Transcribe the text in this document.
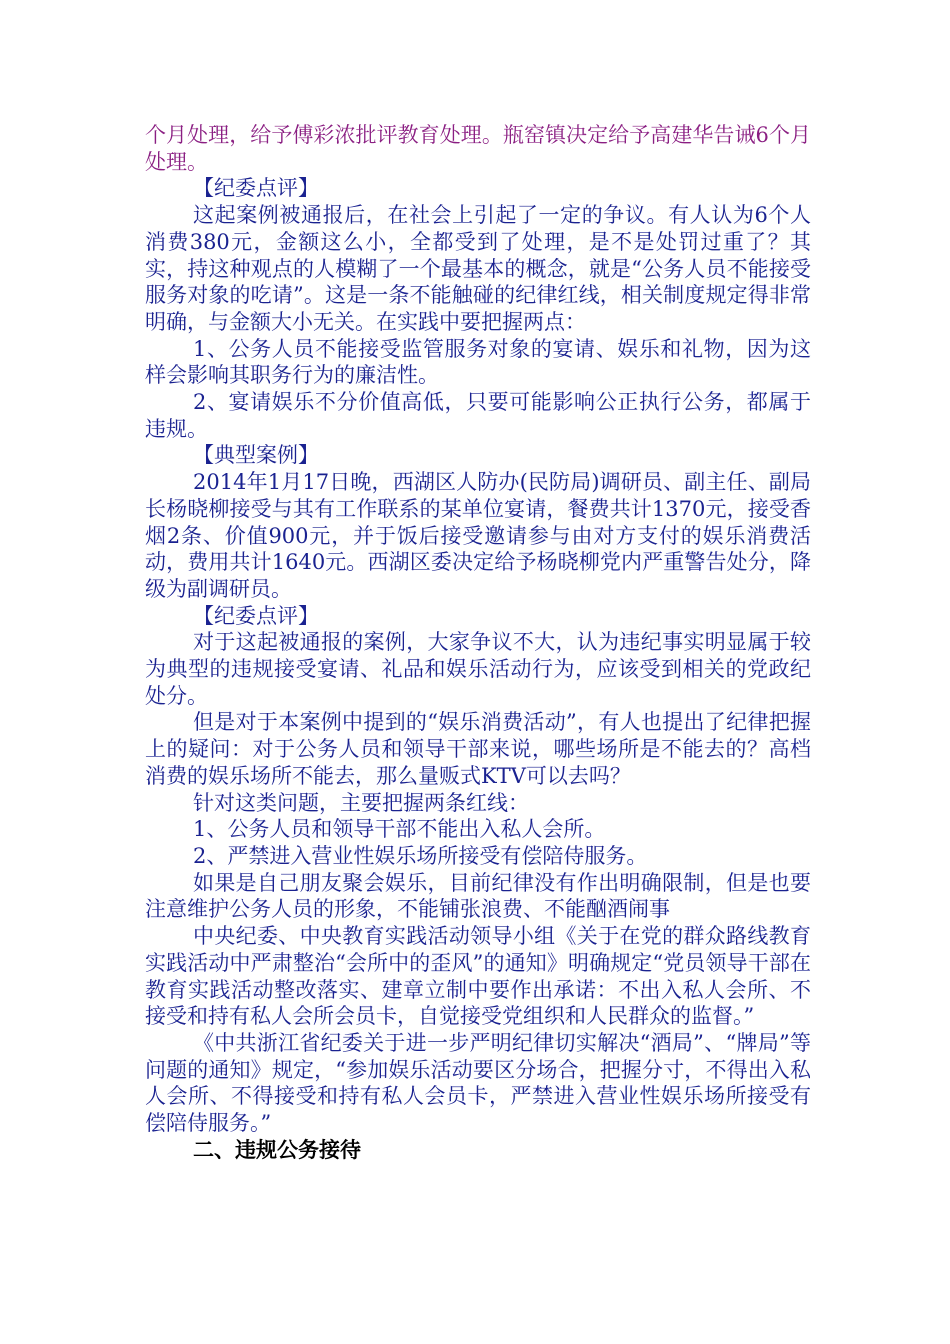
个月处理，给予傅彩浓批评教育处理。瓶窑镇决定给予高建华告诫6个月处理。

【纪委点评】

这起案例被通报后，在社会上引起了一定的争议。有人认为6个人消费380元，金额这么小，全都受到了处理，是不是处罚过重了？其实，持这种观点的人模糊了一个最基本的概念，就是“公务人员不能接受服务对象的吃请”。这是一条不能触碰的纪律红线，相关制度规定得非常明确，与金额大小无关。在实践中要把握两点：

1、公务人员不能接受监管服务对象的宴请、娱乐和礼物，因为这样会影响其职务行为的廉洁性。

2、宴请娱乐不分价值高低，只要可能影响公正执行公务，都属于违规。

【典型案例】

2014年1月17日晚，西湖区人防办(民防局)调研员、副主任、副局长杨晓柳接受与其有工作联系的某单位宴请，餐费共计1370元，接受香烟2条、价值900元，并于饭后接受邀请参与由对方支付的娱乐消费活动，费用共计1640元。西湖区委决定给予杨晓柳党内严重警告处分，降级为副调研员。

【纪委点评】

对于这起被通报的案例，大家争议不大，认为违纪事实明显属于较为典型的违规接受宴请、礼品和娱乐活动行为，应该受到相关的党政纪处分。

但是对于本案例中提到的“娱乐消费活动”，有人也提出了纪律把握上的疑问：对于公务人员和领导干部来说，哪些场所是不能去的？高档消费的娱乐场所不能去，那么量贩式KTV可以去吗？

针对这类问题，主要把握两条红线：

1、公务人员和领导干部不能出入私人会所。

2、严禁进入营业性娱乐场所接受有偿陪侍服务。

如果是自己朋友聚会娱乐，目前纪律没有作出明确限制，但是也要注意维护公务人员的形象，不能铺张浪费、不能酗酒闹事

中央纪委、中央教育实践活动领导小组《关于在党的群众路线教育实践活动中严肃整治“会所中的歪风”的通知》明确规定“党员领导干部在教育实践活动整改落实、建章立制中要作出承诺：不出入私人会所、不接受和持有私人会所会员卡，自觉接受党组织和人民群众的监督。”

《中共浙江省纪委关于进一步严明纪律切实解决“酒局”、“牌局”等问题的通知》规定，“参加娱乐活动要区分场合，把握分寸，不得出入私人会所、不得接受和持有私人会员卡，严禁进入营业性娱乐场所接受有偿陪侍服务。”

二、违规公务接待
